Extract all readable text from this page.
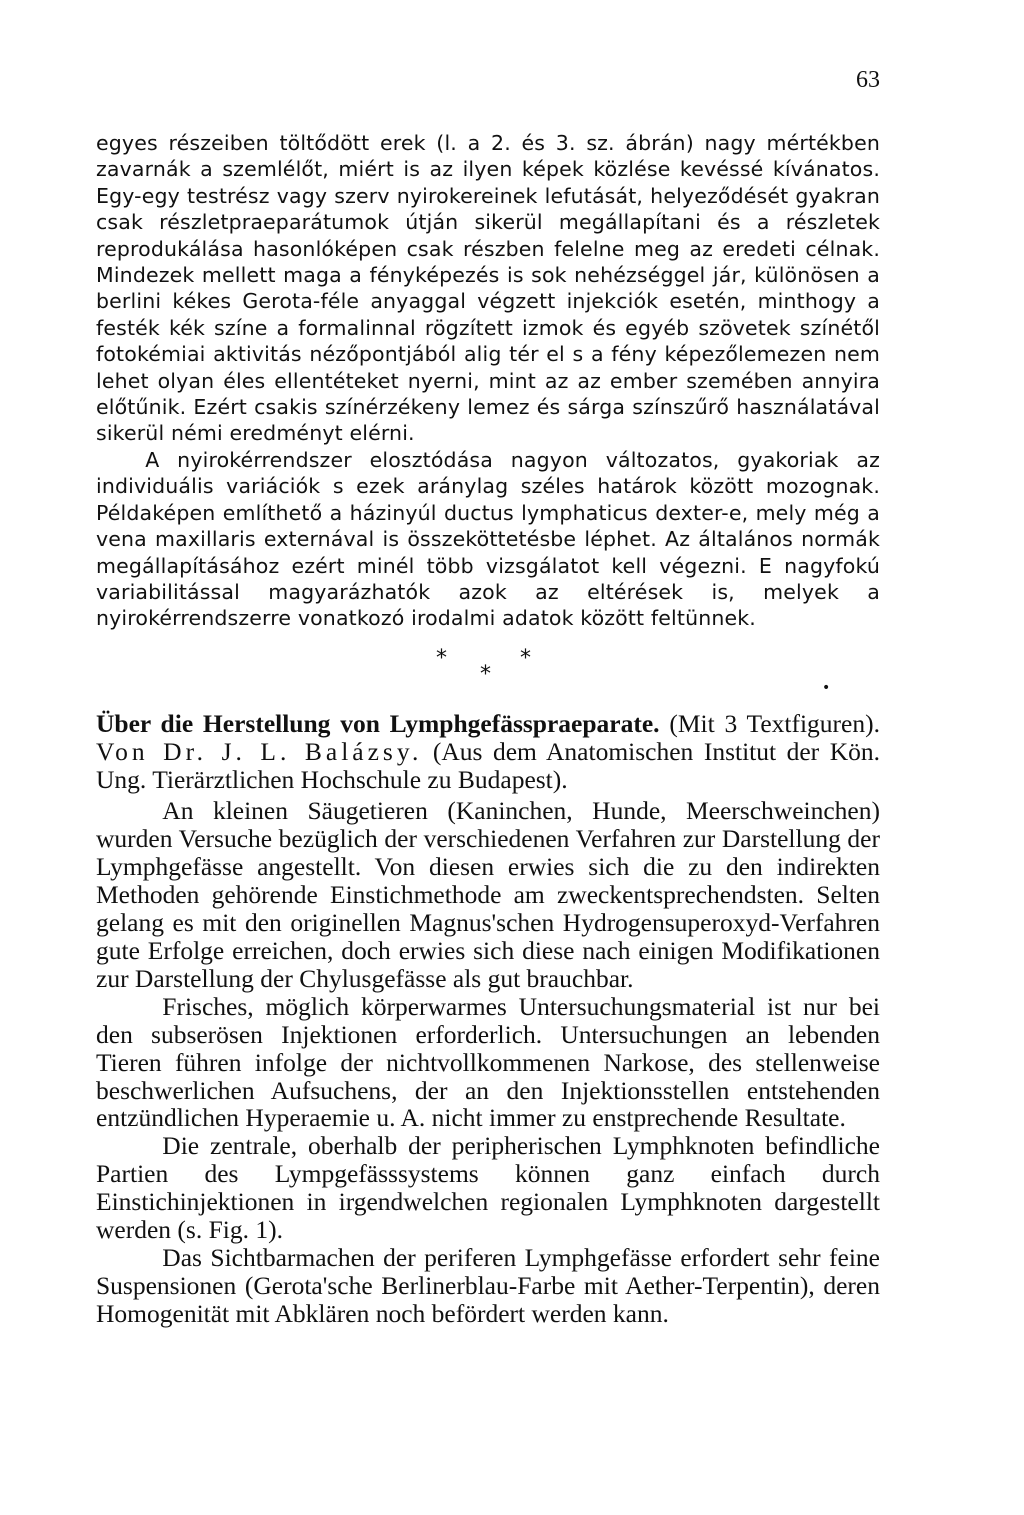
63

egyes részeiben töltődött erek (l. a 2. és 3. sz. ábrán) nagy mértékben zavarnák a szemlélőt, miért is az ilyen képek közlése kevéssé kívánatos. Egy-egy testrész vagy szerv nyirokereinek lefutását, helyeződését gyakran csak részletpraeparátumok útján sikerül megállapítani és a részletek reprodukálása hasonlóképen csak részben felelne meg az eredeti célnak. Mindezek mellett maga a fényképezés is sok nehézséggel jár, különösen a berlini kékes Gerota-féle anyaggal végzett injekciók esetén, minthogy a festék kék színe a formalinnal rögzített izmok és egyéb szövetek színétől fotokémiai aktivitás nézőpontjából alig tér el s a fény képezőlemezen nem lehet olyan éles ellentéteket nyerni, mint az az ember szemében annyira előtűnik. Ezért csakis színérzékeny lemez és sárga színszűrő használatával sikerül némi eredményt elérni.

A nyirokérrendszer elosztódása nagyon változatos, gyakoriak az individuális variációk s ezek aránylag széles határok között mozognak. Példaképen említhető a házinyúl ductus lymphaticus dexter-e, mely még a vena maxillaris externával is összeköttetésbe léphet. Az általános normák megállapításához ezért minél több vizsgálatot kell végezni. E nagyfokú variabilitással magyarázhatók azok az eltérések is, melyek a nyirokérrendszerre vonatkozó irodalmi adatok között feltünnek.

*
*
*
•

Über die Herstellung von Lymphgefässpraeparate. (Mit 3 Textfiguren). Von Dr. J. L. Balázsy. (Aus dem Anatomischen Institut der Kön. Ung. Tierärztlichen Hochschule zu Budapest).

An kleinen Säugetieren (Kaninchen, Hunde, Meerschweinchen) wurden Versuche bezüglich der verschiedenen Verfahren zur Darstellung der Lymphgefässe angestellt. Von diesen erwies sich die zu den indirekten Methoden gehörende Einstichmethode am zweckentsprechendsten. Selten gelang es mit den originellen Magnus'schen Hydrogensuperoxyd-Verfahren gute Erfolge erreichen, doch erwies sich diese nach einigen Modifikationen zur Darstellung der Chylusgefässe als gut brauchbar.

Frisches, möglich körperwarmes Untersuchungsmaterial ist nur bei den subserösen Injektionen erforderlich. Untersuchungen an lebenden Tieren führen infolge der nichtvollkommenen Narkose, des stellenweise beschwerlichen Aufsuchens, der an den Injektionsstellen entstehenden entzündlichen Hyperaemie u. A. nicht immer zu enstprechende Resultate.

Die zentrale, oberhalb der peripherischen Lymphknoten befindliche Partien des Lympgefässsystems können ganz einfach durch Einstichinjektionen in irgendwelchen regionalen Lymphknoten dargestellt werden (s. Fig. 1).

Das Sichtbarmachen der periferen Lymphgefässe erfordert sehr feine Suspensionen (Gerota'sche Berlinerblau-Farbe mit Aether-Terpentin), deren Homogenität mit Abklären noch befördert werden kann.
